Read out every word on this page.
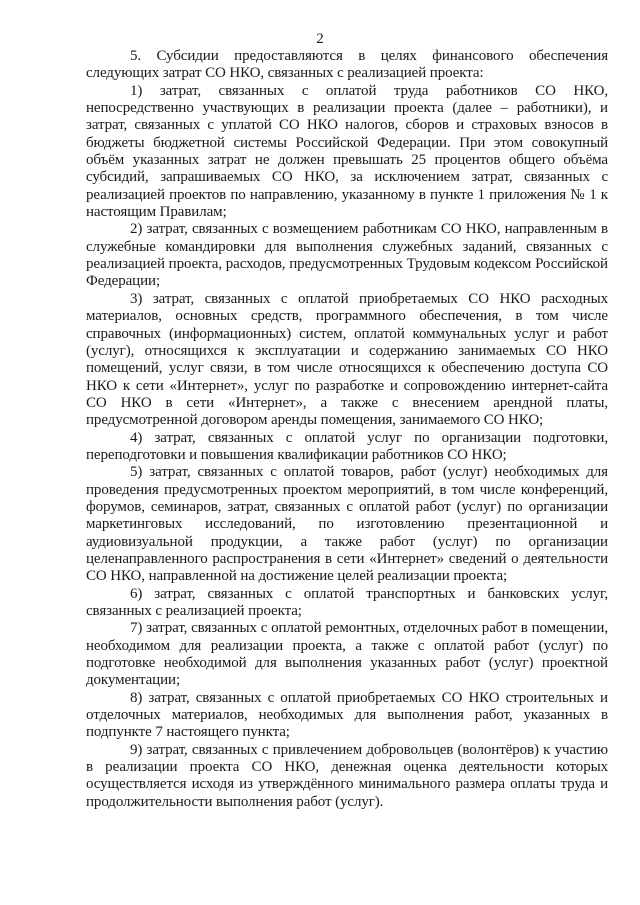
2

5. Субсидии предоставляются в целях финансового обеспечения следующих затрат СО НКО, связанных с реализацией проекта:

1) затрат, связанных с оплатой труда работников СО НКО, непосредственно участвующих в реализации проекта (далее – работники), и затрат, связанных с уплатой СО НКО налогов, сборов и страховых взносов в бюджеты бюджетной системы Российской Федерации. При этом совокупный объём указанных затрат не должен превышать 25 процентов общего объёма субсидий, запрашиваемых СО НКО, за исключением затрат, связанных с реализацией проектов по направлению, указанному в пункте 1 приложения № 1 к настоящим Правилам;

2) затрат, связанных с возмещением работникам СО НКО, направленным в служебные командировки для выполнения служебных заданий, связанных с реализацией проекта, расходов, предусмотренных Трудовым кодексом Российской Федерации;

3) затрат, связанных с оплатой приобретаемых СО НКО расходных материалов, основных средств, программного обеспечения, в том числе справочных (информационных) систем, оплатой коммунальных услуг и работ (услуг), относящихся к эксплуатации и содержанию занимаемых СО НКО помещений, услуг связи, в том числе относящихся к обеспечению доступа СО НКО к сети «Интернет», услуг по разработке и сопровождению интернет-сайта СО НКО в сети «Интернет», а также с внесением арендной платы, предусмотренной договором аренды помещения, занимаемого СО НКО;

4) затрат, связанных с оплатой услуг по организации подготовки, переподготовки и повышения квалификации работников СО НКО;

5) затрат, связанных с оплатой товаров, работ (услуг) необходимых для проведения предусмотренных проектом мероприятий, в том числе конференций, форумов, семинаров, затрат, связанных с оплатой работ (услуг) по организации маркетинговых исследований, по изготовлению презентационной и аудиовизуальной продукции, а также работ (услуг) по организации целенаправленного распространения в сети «Интернет» сведений о деятельности СО НКО, направленной на достижение целей реализации проекта;

6) затрат, связанных с оплатой транспортных и банковских услуг, связанных с реализацией проекта;

7) затрат, связанных с оплатой ремонтных, отделочных работ в помещении, необходимом для реализации проекта, а также с оплатой работ (услуг) по подготовке необходимой для выполнения указанных работ (услуг) проектной документации;

8) затрат, связанных с оплатой приобретаемых СО НКО строительных и отделочных материалов, необходимых для выполнения работ, указанных в подпункте 7 настоящего пункта;

9) затрат, связанных с привлечением добровольцев (волонтёров) к участию в реализации проекта СО НКО, денежная оценка деятельности которых осуществляется исходя из утверждённого минимального размера оплаты труда и продолжительности выполнения работ (услуг).
